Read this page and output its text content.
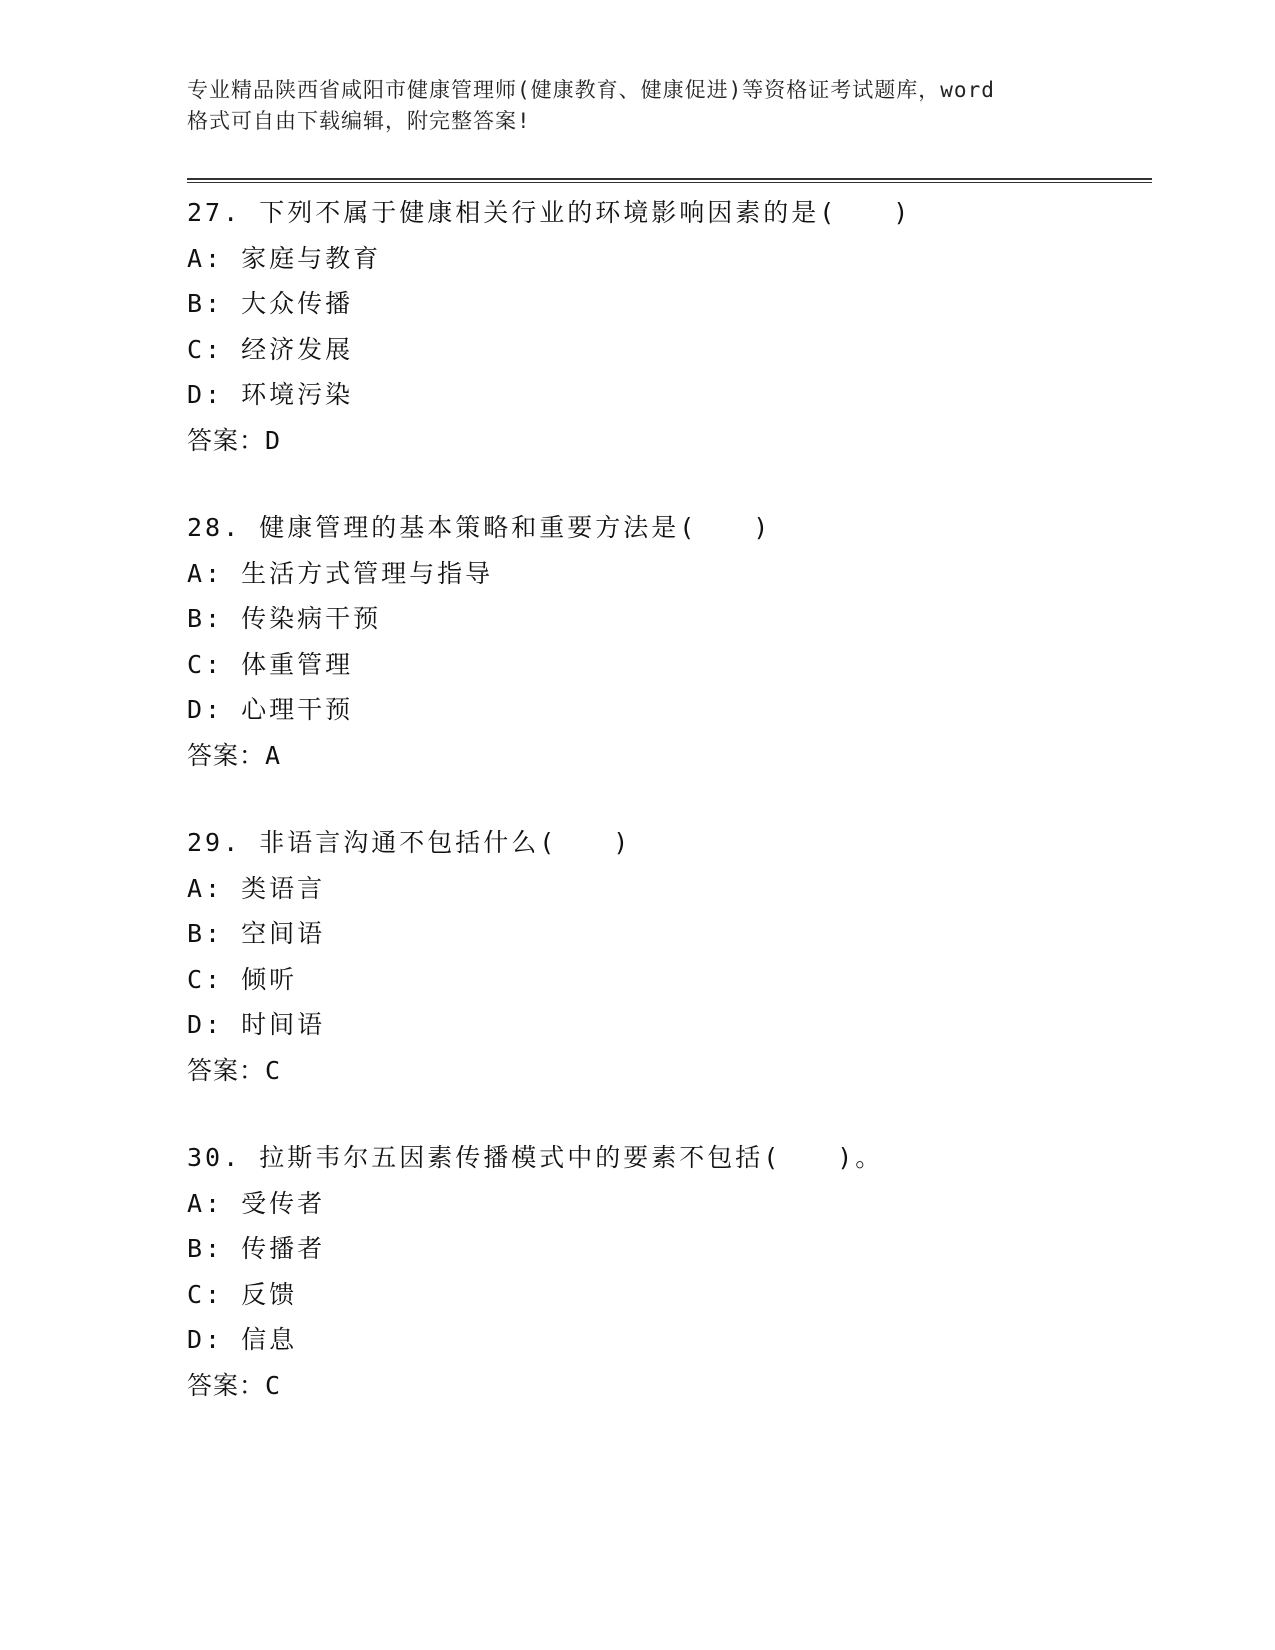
专业精品陕西省咸阳市健康管理师(健康教育、健康促进)等资格证考试题库，word
格式可自由下载编辑，附完整答案!
27. 下列不属于健康相关行业的环境影响因素的是(　　)
A: 家庭与教育
B: 大众传播
C: 经济发展
D: 环境污染
答案：D
28. 健康管理的基本策略和重要方法是(　　)
A: 生活方式管理与指导
B: 传染病干预
C: 体重管理
D: 心理干预
答案：A
29. 非语言沟通不包括什么(　　)
A: 类语言
B: 空间语
C: 倾听
D: 时间语
答案：C
30. 拉斯韦尔五因素传播模式中的要素不包括(　　)。
A: 受传者
B: 传播者
C: 反馈
D: 信息
答案：C
